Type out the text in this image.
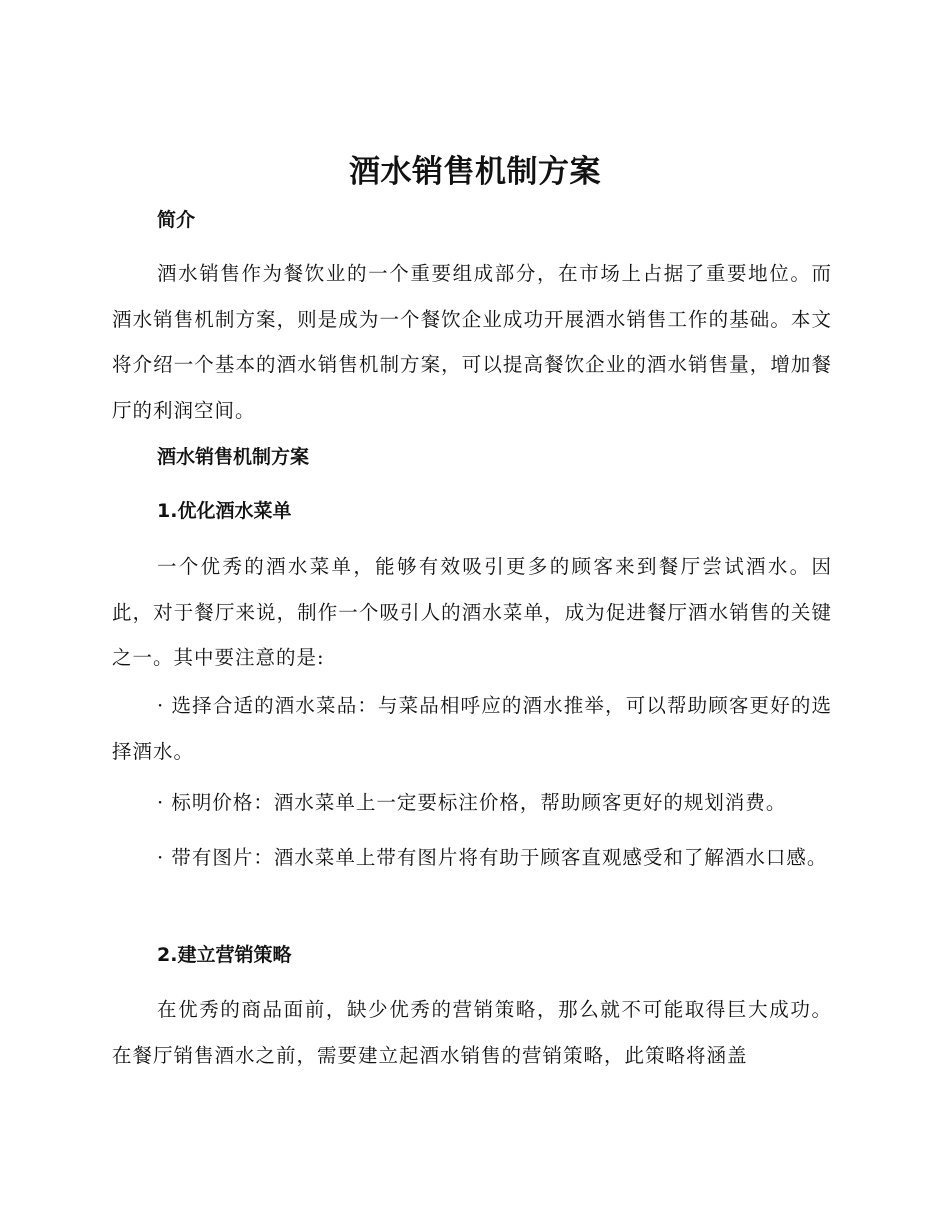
酒水销售机制方案
简介

酒水销售作为餐饮业的一个重要组成部分，在市场上占据了重要地位。而酒水销售机制方案，则是成为一个餐饮企业成功开展酒水销售工作的基础。本文将介绍一个基本的酒水销售机制方案，可以提高餐饮企业的酒水销售量，增加餐厅的利润空间。

酒水销售机制方案
1.优化酒水菜单

一个优秀的酒水菜单，能够有效吸引更多的顾客来到餐厅尝试酒水。因此，对于餐厅来说，制作一个吸引人的酒水菜单，成为促进餐厅酒水销售的关键之一。其中要注意的是:

· 选择合适的酒水菜品：与菜品相呼应的酒水推举，可以帮助顾客更好的选择酒水。

· 标明价格：酒水菜单上一定要标注价格，帮助顾客更好的规划消费。

· 带有图片：酒水菜单上带有图片将有助于顾客直观感受和了解酒水口感。

2.建立营销策略

在优秀的商品面前，缺少优秀的营销策略，那么就不可能取得巨大成功。在餐厅销售酒水之前，需要建立起酒水销售的营销策略，此策略将涵盖
